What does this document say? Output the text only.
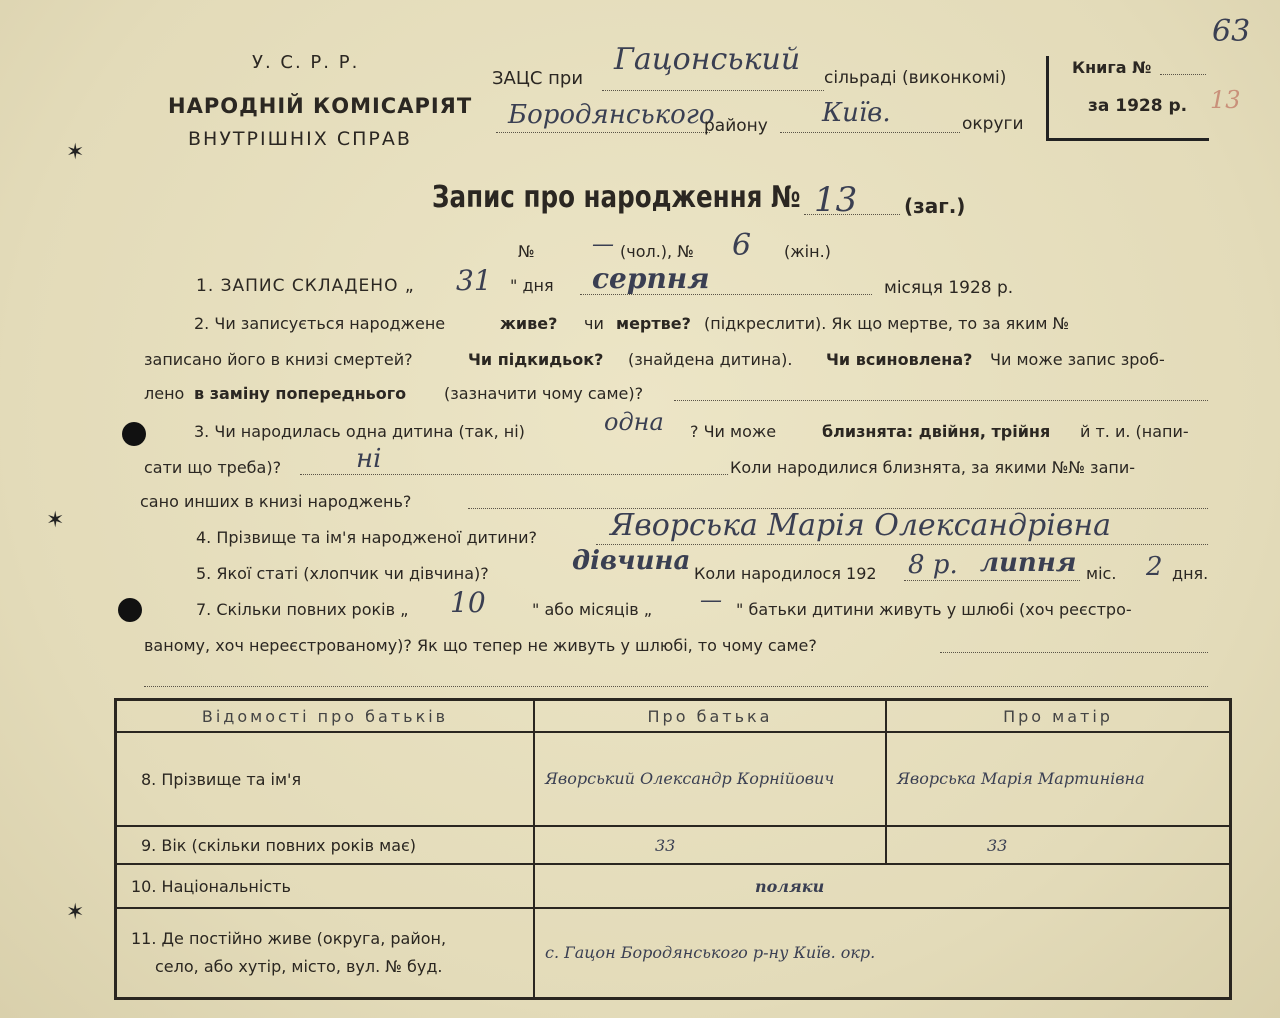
63
13
✶
✶
✶
У. С. Р. Р.
НАРОДНІЙ КОМІСАРІЯТ
ВНУТРІШНІХ СПРАВ
ЗАЦС при
Гацонський
сільраді (виконкомі)
Бородянського
району Київ.	округи
Книга №
за 1928 р.
Запис про народження № 13 (заг.)
№	— (чол.), № 6 (жін.)
1. ЗАПИС СКЛАДЕНО „ 31 " дня серпня	місяця 1928 р.
2. Чи записується народжене	живе? чи мертве? (підкреслити). Як що мертве, то за яким №
записано його в книзі смертей?	Чи підкидьок? (знайдена дитина). Чи всиновлена? Чи може запис зроб-
лено в заміну попереднього (зазначити чому саме)?
3. Чи народилась одна дитина (так, ні)	одна ? Чи може	близнята: двійня, трійня й т. и. (напи-
сати що треба)?	ні	Коли народилися близнята, за якими №№ запи-
сано инших в книзі народжень?
4. Прізвище та ім'я народженої дитини? Яворська Марія Олександрівна
5. Якої статі (хлопчик чи дівчина)?	дівчина Коли народилося 192 8 р. липня міс. 2 дня.
7. Скільки повних років „ 10	" або місяців „ — " батьки дитини живуть у шлюбі (хоч реєстро-
ваному, хоч нереєстрованому)? Як що тепер не живуть у шлюбі, то чому саме?
Відомості про батьків	Про батька	Про матір
8. Прізвище та ім'я	Яворський Олександр Корнійович	Яворська Марія Мартинівна
9. Вік (скільки повних років має)	33	33
10. Національність	поляки	

11. Де постійно живе (округа, район,
село, або хутір, місто, вул. № буд.	с. Гацон Бородянського р-ну Київ. окр.	
